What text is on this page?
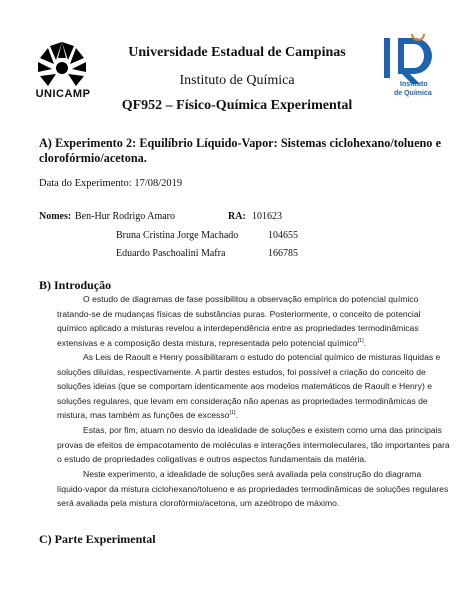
UNICAMP
Instituto
de Química
Universidade Estadual de Campinas
Instituto de Química
QF952 – Físico-Química Experimental
A) Experimento 2: Equilíbrio Líquido-Vapor: Sistemas ciclohexano/tolueno e
clorofórmio/acetona.
Data do Experimento: 17/08/2019
Nomes: Ben-Hur Rodrigo Amaro	RA: 101623
Bruna Cristina Jorge Machado	104655
Eduardo Paschoalini Mafra	166785
B) Introdução
O estudo de diagramas de fase possibilitou a observação empírica do potencial químico
tratando-se de mudanças físicas de substâncias puras. Posteriormente, o conceito de potencial
químico aplicado a misturas revelou a interdependência entre as propriedades termodinâmicas
extensivas e a composição desta mistura, representada pelo potencial químico[1].
As Leis de Raoult e Henry possibilitaram o estudo do potencial químico de misturas líquidas e
soluções diluídas, respectivamente. A partir destes estudos, foi possível a criação do conceito de
soluções ideias (que se comportam identicamente aos modelos matemáticos de Raoult e Henry) e
soluções regulares, que levam em consideração não apenas as propriedades termodinâmicas de
mistura, mas também as funções de excesso[1].
Estas, por fim, atuam no desvio da idealidade de soluções e existem como uma das principais
provas de efeitos de empacotamento de moléculas e interações intermoleculares, tão importantes para
o estudo de propriedades coligativas e outros aspectos fundamentais da matéria.
Neste experimento, a idealidade de soluções será avaliada pela construção do diagrama
líquido-vapor da mistura ciclohexano/tolueno e as propriedades termodinâmicas de soluções regulares
será avaliada pela mistura clorofórmio/acetona, um azeótropo de máximo.
C) Parte Experimental
